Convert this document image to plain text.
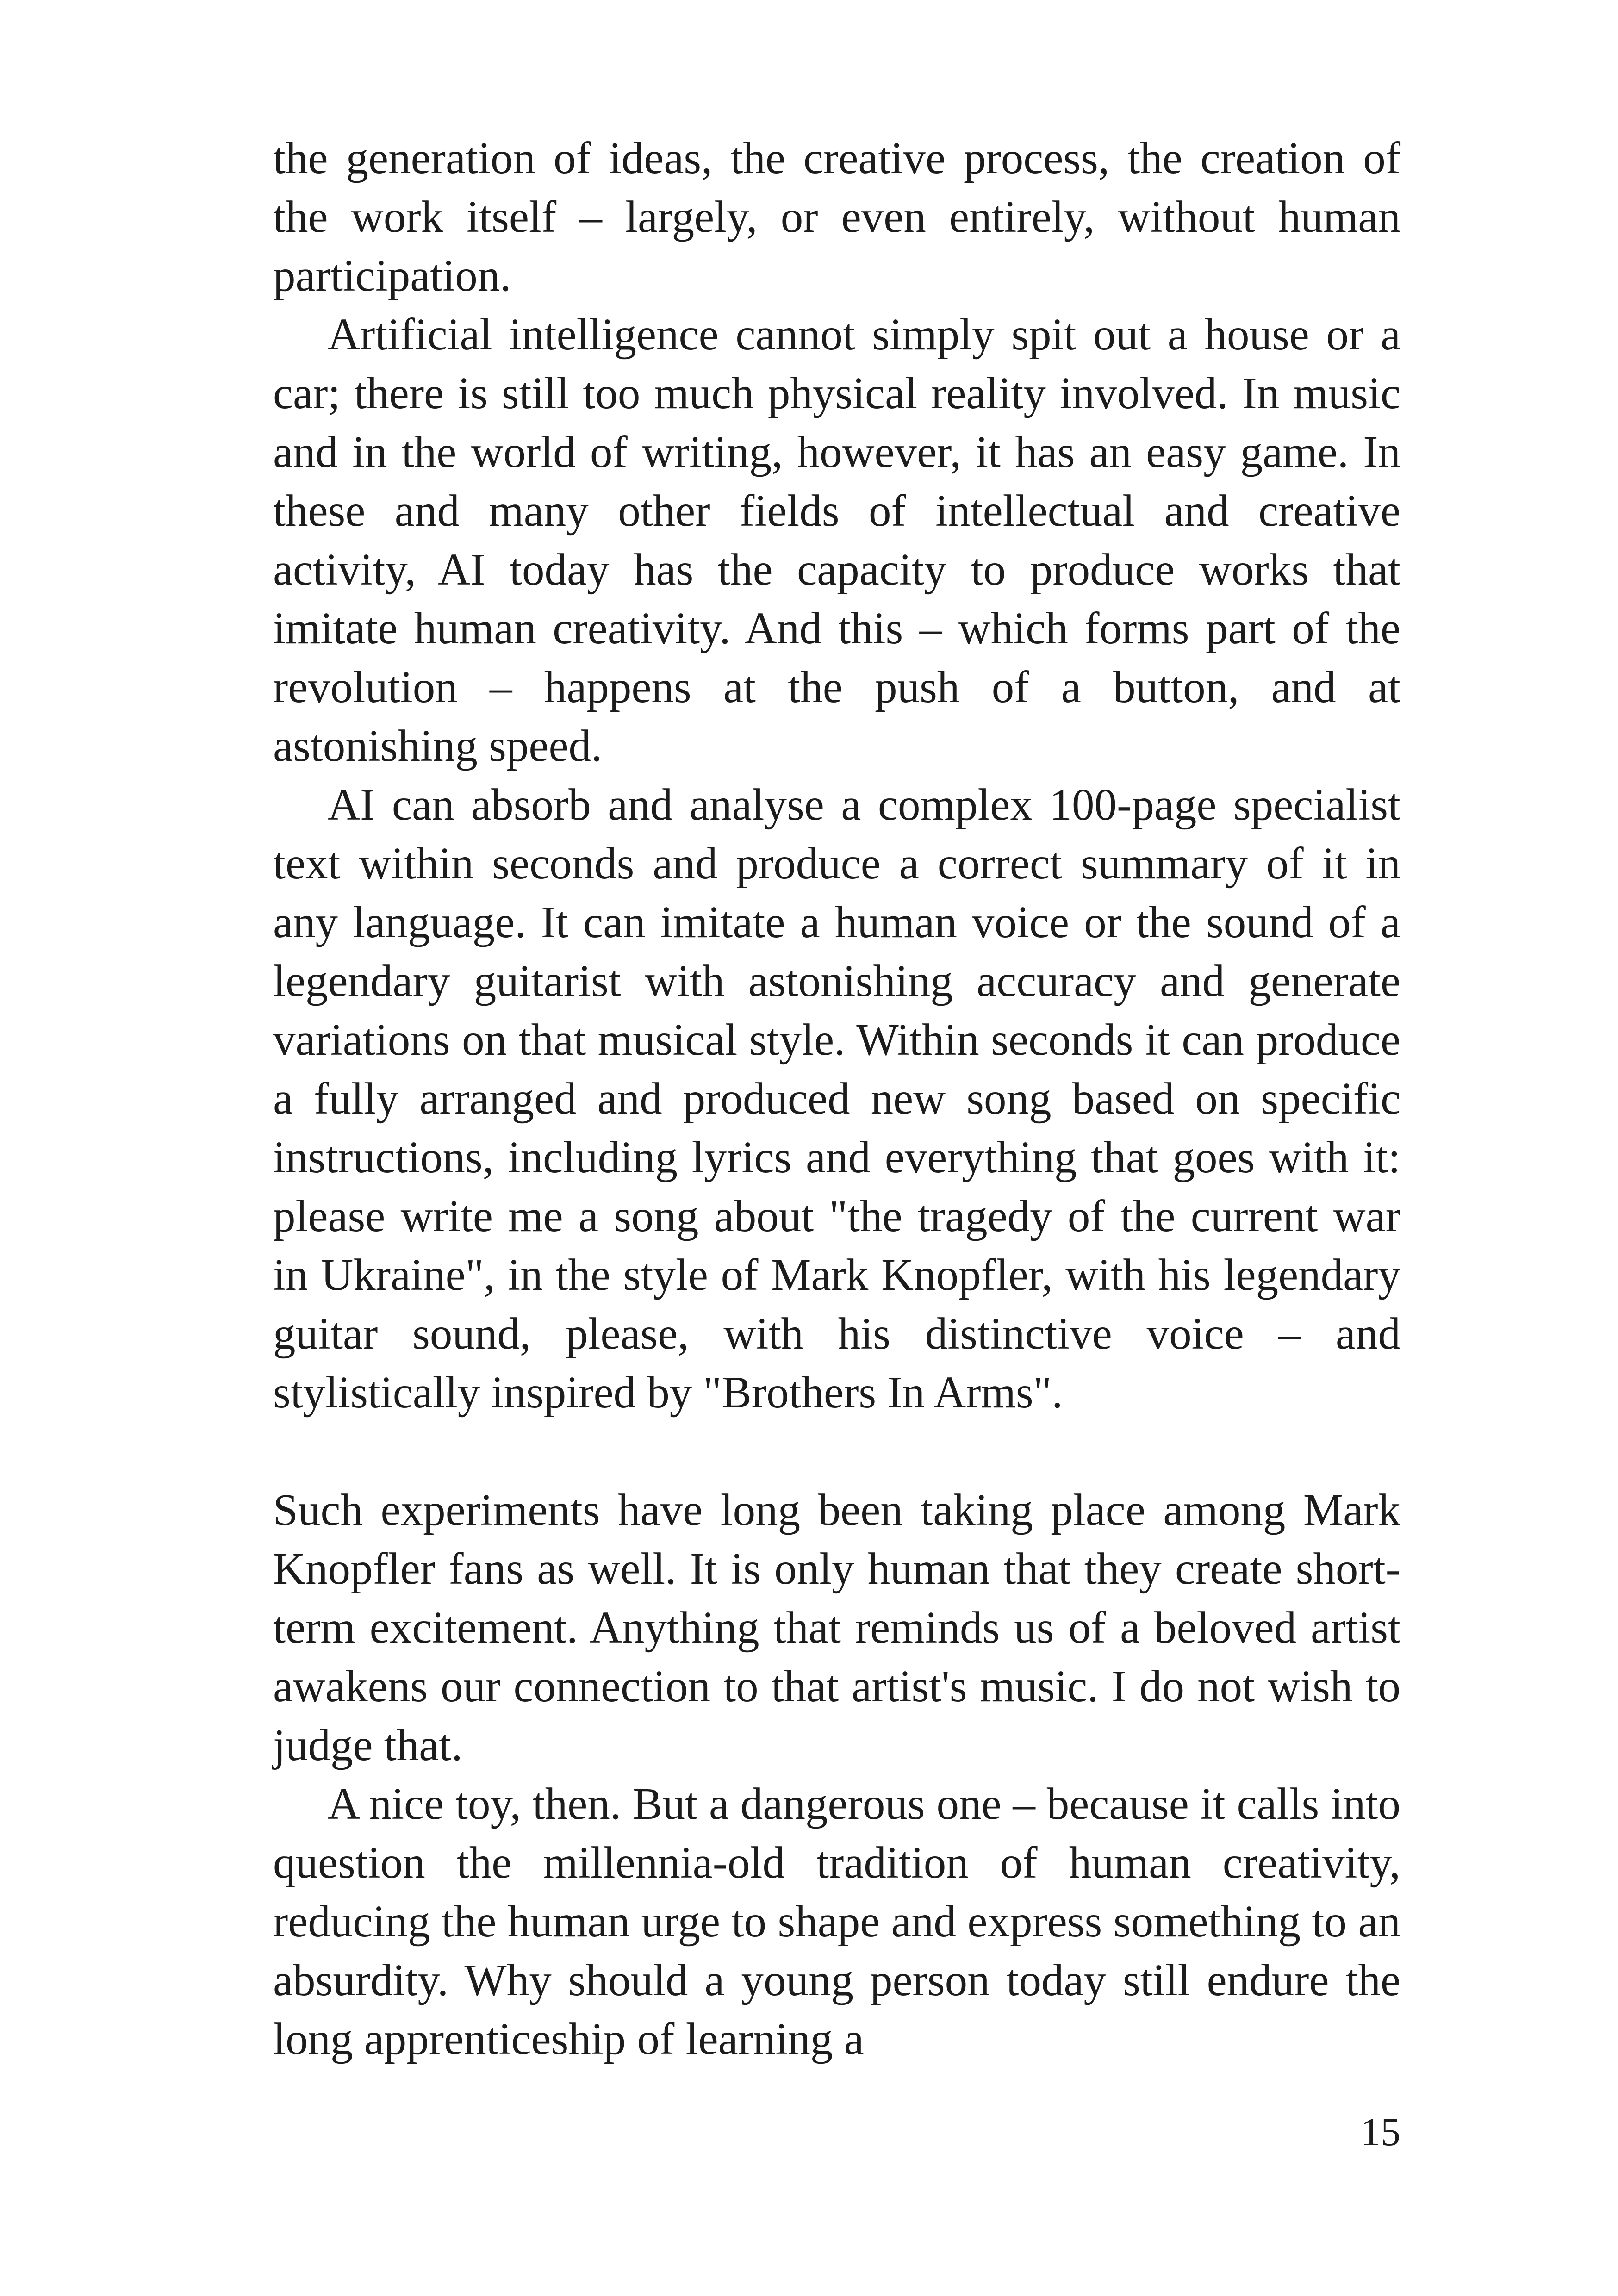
the generation of ideas, the creative process, the creation of the work itself – largely, or even entirely, without human participation.

Artificial intelligence cannot simply spit out a house or a car; there is still too much physical reality involved. In music and in the world of writing, however, it has an easy game. In these and many other fields of intellectual and creative activity, AI today has the capacity to produce works that imitate human creativity. And this – which forms part of the revolution – happens at the push of a button, and at astonishing speed.

AI can absorb and analyse a complex 100-page specialist text within seconds and produce a correct summary of it in any language. It can imitate a human voice or the sound of a legendary guitarist with astonishing accuracy and generate variations on that musical style. Within seconds it can produce a fully arranged and produced new song based on specific instructions, including lyrics and everything that goes with it: please write me a song about "the tragedy of the current war in Ukraine", in the style of Mark Knopfler, with his legendary guitar sound, please, with his distinctive voice – and stylistically inspired by "Brothers In Arms".

Such experiments have long been taking place among Mark Knopfler fans as well. It is only human that they create short-term excitement. Anything that reminds us of a beloved artist awakens our connection to that artist's music. I do not wish to judge that.

A nice toy, then. But a dangerous one – because it calls into question the millennia-old tradition of human creativity, reducing the human urge to shape and express something to an absurdity. Why should a young person today still endure the long apprenticeship of learning a

15
